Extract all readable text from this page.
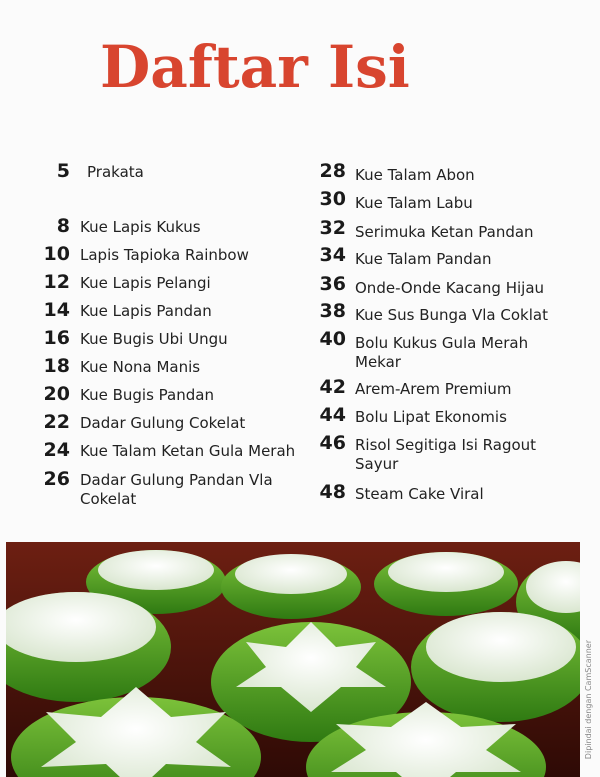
Daftar Isi
5 Prakata
8 Kue Lapis Kukus
10 Lapis Tapioka Rainbow
12 Kue Lapis Pelangi
14 Kue Lapis Pandan
16 Kue Bugis Ubi Ungu
18 Kue Nona Manis
20 Kue Bugis Pandan
22 Dadar Gulung Cokelat
24 Kue Talam Ketan Gula Merah
26 Dadar Gulung Pandan Vla Cokelat
28 Kue Talam Abon
30 Kue Talam Labu
32 Serimuka Ketan Pandan
34 Kue Talam Pandan
36 Onde-Onde Kacang Hijau
38 Kue Sus Bunga Vla Coklat
40 Bolu Kukus Gula Merah Mekar
42 Arem-Arem Premium
44 Bolu Lipat Ekonomis
46 Risol Segitiga Isi Ragout Sayur
48 Steam Cake Viral
Dipindai dengan CamScanner
